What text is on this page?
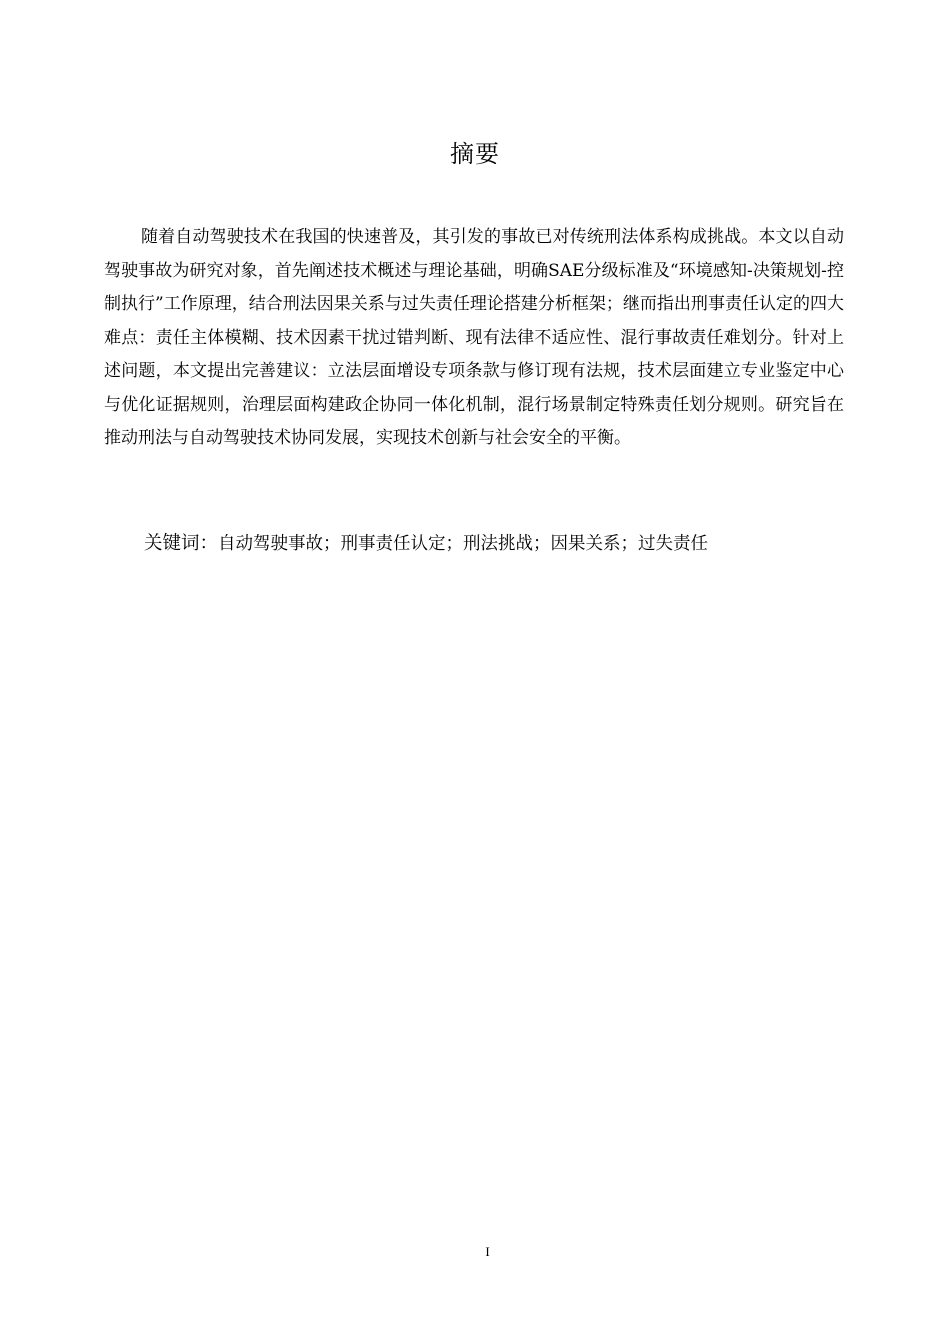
摘要

随着自动驾驶技术在我国的快速普及，其引发的事故已对传统刑法体系构成挑战。本文以自动驾驶事故为研究对象，首先阐述技术概述与理论基础，明确SAE分级标准及“环境感知-决策规划-控制执行”工作原理，结合刑法因果关系与过失责任理论搭建分析框架；继而指出刑事责任认定的四大难点：责任主体模糊、技术因素干扰过错判断、现有法律不适应性、混行事故责任难划分。针对上述问题，本文提出完善建议：立法层面增设专项条款与修订现有法规，技术层面建立专业鉴定中心与优化证据规则，治理层面构建政企协同一体化机制，混行场景制定特殊责任划分规则。研究旨在推动刑法与自动驾驶技术协同发展，实现技术创新与社会安全的平衡。

关键词：自动驾驶事故；刑事责任认定；刑法挑战；因果关系；过失责任
I
